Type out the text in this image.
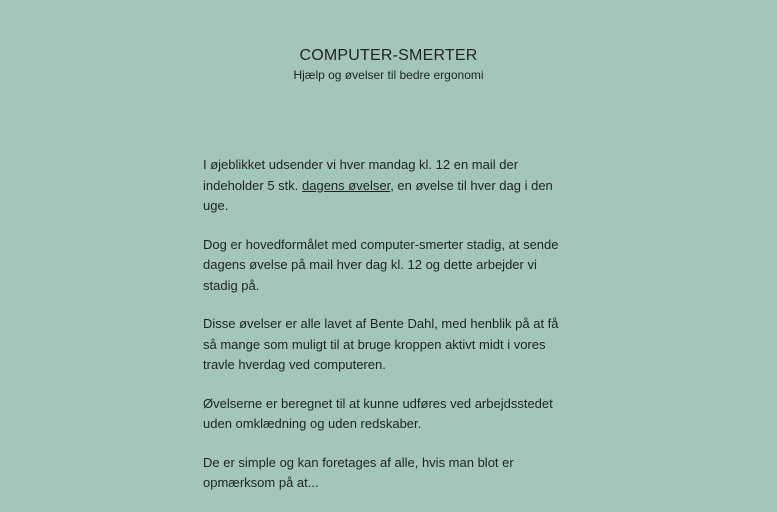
COMPUTER-SMERTER

Hjælp og øvelser til bedre ergonomi

I øjeblikket udsender vi hver mandag kl. 12 en mail der indeholder 5 stk. dagens øvelser, en øvelse til hver dag i den uge.

Dog er hovedformålet med computer-smerter stadig, at sende dagens øvelse på mail hver dag kl. 12 og dette arbejder vi stadig på.

Disse øvelser er alle lavet af Bente Dahl, med henblik på at få så mange som muligt til at bruge kroppen aktivt midt i vores travle hverdag ved computeren.

Øvelserne er beregnet til at kunne udføres ved arbejdsstedet uden omklædning og uden redskaber.

De er simple og kan foretages af alle, hvis man blot er opmærksom på at...
